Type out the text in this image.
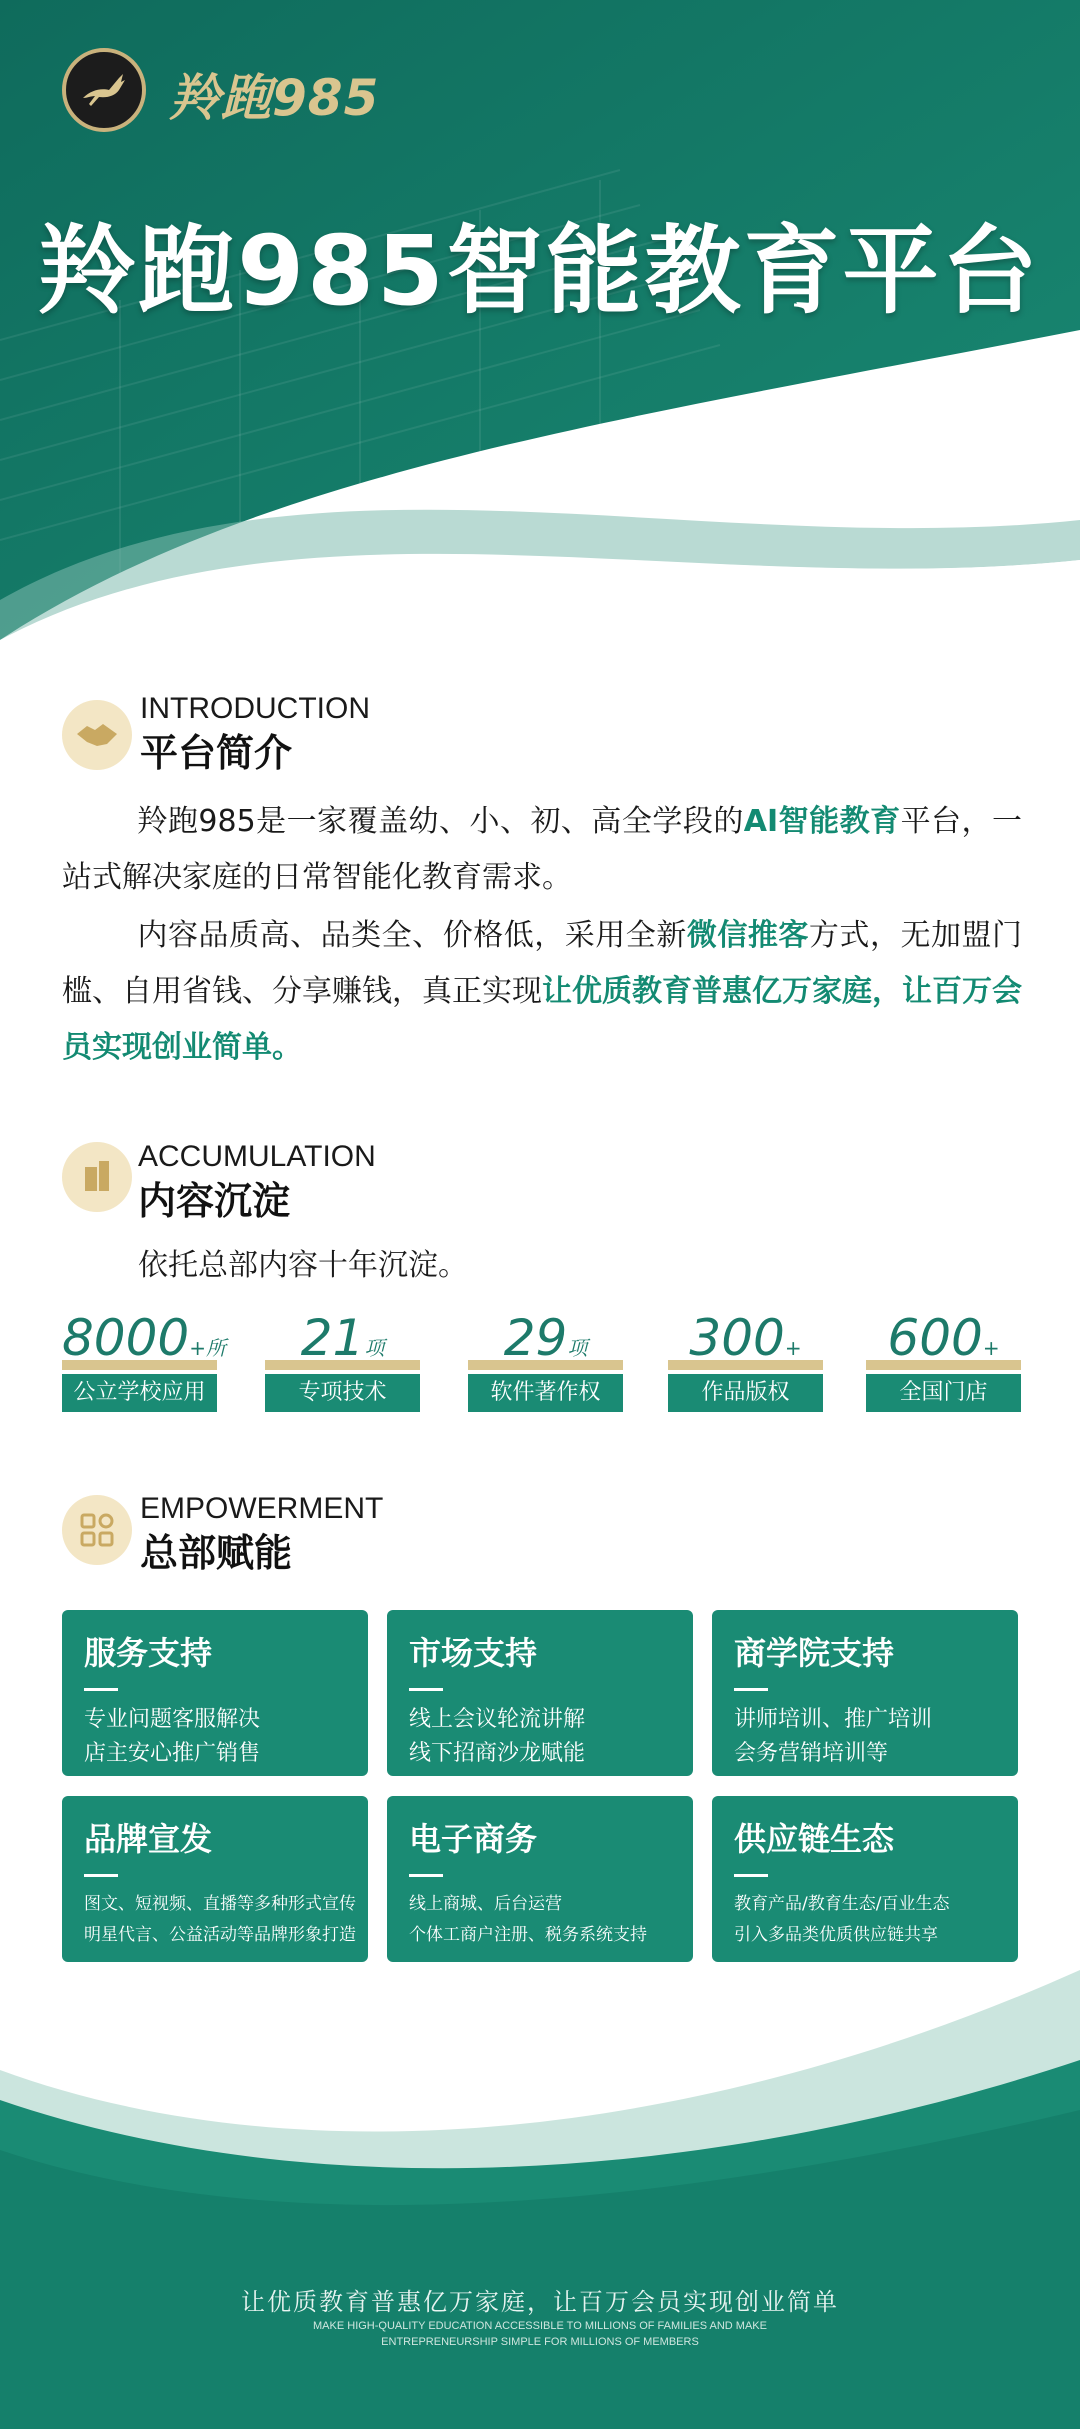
羚跑985
羚跑985智能教育平台
INTRODUCTION
平台简介
羚跑985是一家覆盖幼、小、初、高全学段的AI智能教育平台，一站式解决家庭的日常智能化教育需求。
内容品质高、品类全、价格低，采用全新微信推客方式，无加盟门槛、自用省钱、分享赚钱，真正实现让优质教育普惠亿万家庭，让百万会员实现创业简单。
ACCUMULATION
内容沉淀
依托总部内容十年沉淀。
8000+所
公立学校应用
21项
专项技术
29项
软件著作权
300+
作品版权
600+
全国门店
EMPOWERMENT
总部赋能
服务支持
专业问题客服解决
店主安心推广销售
市场支持
线上会议轮流讲解
线下招商沙龙赋能
商学院支持
讲师培训、推广培训
会务营销培训等
品牌宣发
图文、短视频、直播等多种形式宣传
明星代言、公益活动等品牌形象打造
电子商务
线上商城、后台运营
个体工商户注册、税务系统支持
供应链生态
教育产品/教育生态/百业生态
引入多品类优质供应链共享
让优质教育普惠亿万家庭，让百万会员实现创业简单
MAKE HIGH-QUALITY EDUCATION ACCESSIBLE TO MILLIONS OF FAMILIES AND MAKE
ENTREPRENEURSHIP SIMPLE FOR MILLIONS OF MEMBERS
